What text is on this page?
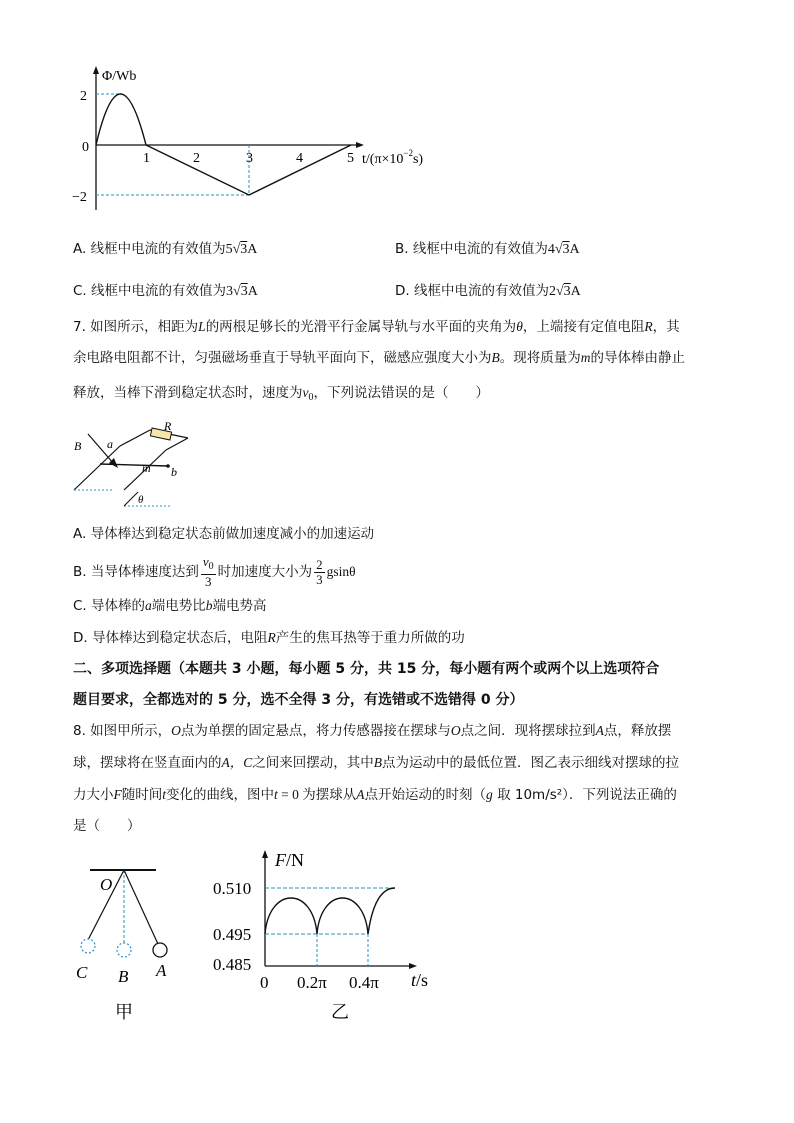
Φ/Wb
2
0
−2
1	2	3	4	5 $t/(\pi\times 10^{-2}s)$
A. 线框中电流的有效值为5√3A	B. 线框中电流的有效值为4√3A
C. 线框中电流的有效值为3√3A	D. 线框中电流的有效值为2√3A
7. 如图所示，相距为L的两根足够长的光滑平行金属导轨与水平面的夹角为θ，上端接有定值电阻R，其
余电路电阻都不计，匀强磁场垂直于导轨平面向下，磁感应强度大小为B。现将质量为m的导体棒由静止
释放，当棒下滑到稳定状态时，速度为$v_0$，下列说法错误的是（　　）
B a
R
m b
θ
A. 导体棒达到稳定状态前做加速度减小的加速运动
B. 当导体棒速度达到 $\frac{v_0}{3}$ 时加速度大小为 $\frac{2}{3}$ gsinθ
C. 导体棒的a端电势比b端电势高
D. 导体棒达到稳定状态后，电阻R产生的焦耳热等于重力所做的功
二、多项选择题（本题共 3 小题，每小题 5 分，共 15 分，每小题有两个或两个以上选项符合
题目要求，全都选对的 5 分，选不全得 3 分，有选错或不选错得 0 分）
8. 如图甲所示，O点为单摆的固定悬点，将力传感器接在摆球与O点之间．现将摆球拉到A点，释放摆
球，摆球将在竖直面内的A，C之间来回摆动，其中B点为运动中的最低位置．图乙表示细线对摆球的拉
力大小F随时间t变化的曲线，图中t = 0 为摆球从A点开始运动的时刻（g 取 10m/s²）．下列说法正确的
是（　　）
O
C B A
甲
F/N
0.510
0.495
0.485
0 0.2π 0.4π t/s
乙
